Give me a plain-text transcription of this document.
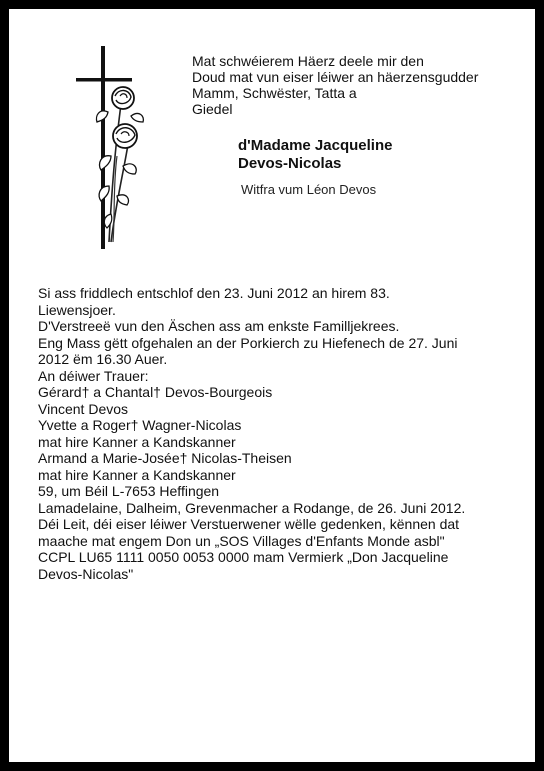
Mat schwéierem Häerz deele mir den
Doud mat vun eiser léiwer an häerzensgudder
Mamm, Schwëster, Tatta a
Giedel

d'Madame Jacqueline
Devos-Nicolas

Witfra vum Léon Devos

Si ass friddlech entschlof den 23. Juni 2012 an hirem 83.
Liewensjoer.
D'Verstreeë vun den Äschen ass am enkste Familljekrees.
Eng Mass gëtt ofgehalen an der Porkierch zu Hiefenech de 27. Juni
2012 ëm 16.30 Auer.
An déiwer Trauer:
Gérard† a Chantal† Devos-Bourgeois
Vincent Devos
Yvette a Roger† Wagner-Nicolas
mat hire Kanner a Kandskanner
Armand a Marie-Josée† Nicolas-Theisen
mat hire Kanner a Kandskanner
59, um Béil L-7653 Heffingen
Lamadelaine, Dalheim, Grevenmacher a Rodange, de 26. Juni 2012.
Déi Leit, déi eiser léiwer Verstuerwener wëlle gedenken, kënnen dat
maache mat engem Don un „SOS Villages d'Enfants Monde asbl"
CCPL LU65 1111 0050 0053 0000 mam Vermierk „Don Jacqueline
Devos-Nicolas"
